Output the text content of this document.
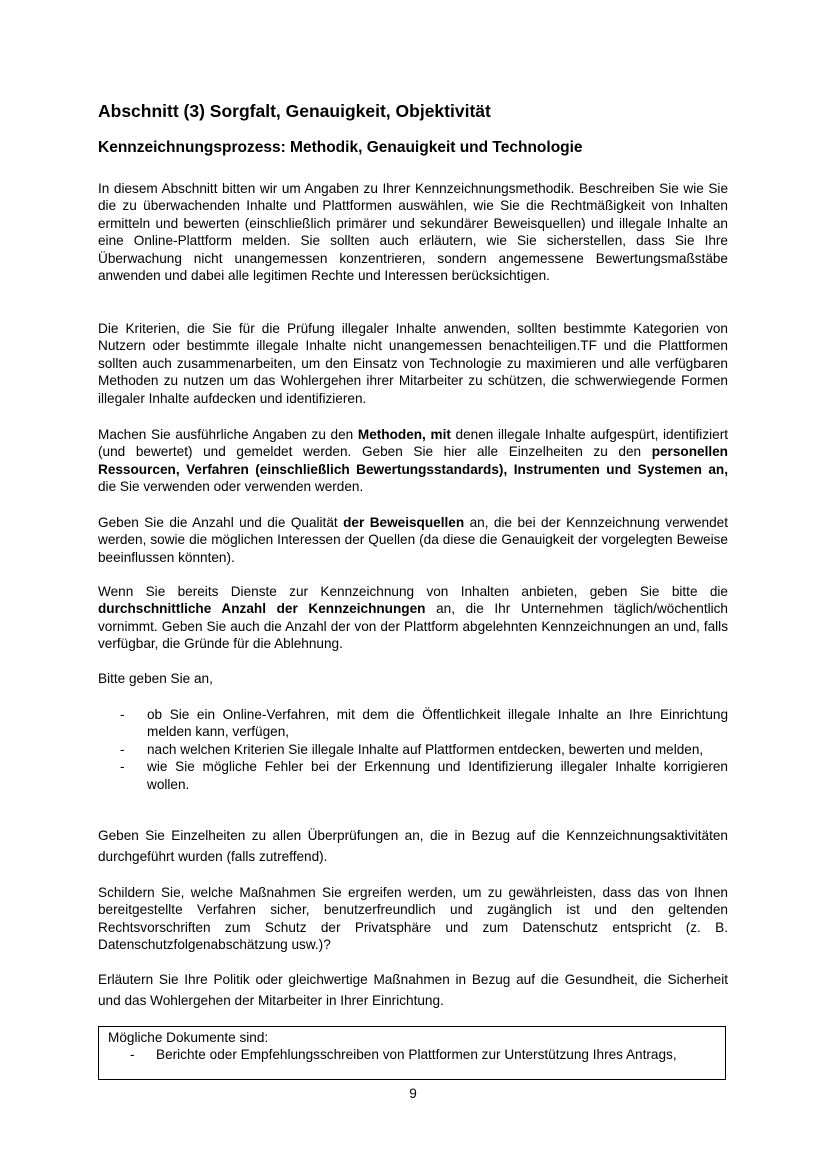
Abschnitt (3) Sorgfalt, Genauigkeit, Objektivität
Kennzeichnungsprozess: Methodik, Genauigkeit und Technologie

In diesem Abschnitt bitten wir um Angaben zu Ihrer Kennzeichnungsmethodik. Beschreiben Sie wie Sie die zu überwachenden Inhalte und Plattformen auswählen, wie Sie die Rechtmäßigkeit von Inhalten ermitteln und bewerten (einschließlich primärer und sekundärer Beweisquellen) und illegale Inhalte an eine Online-Plattform melden. Sie sollten auch erläutern, wie Sie sicherstellen, dass Sie Ihre Überwachung nicht unangemessen konzentrieren, sondern angemessene Bewertungsmaßstäbe anwenden und dabei alle legitimen Rechte und Interessen berücksichtigen.

Die Kriterien, die Sie für die Prüfung illegaler Inhalte anwenden, sollten bestimmte Kategorien von Nutzern oder bestimmte illegale Inhalte nicht unangemessen benachteiligen.TF und die Plattformen sollten auch zusammenarbeiten, um den Einsatz von Technologie zu maximieren und alle verfügbaren Methoden zu nutzen um das Wohlergehen ihrer Mitarbeiter zu schützen, die schwerwiegende Formen illegaler Inhalte aufdecken und identifizieren.

Machen Sie ausführliche Angaben zu den Methoden, mit denen illegale Inhalte aufgespürt, identifiziert (und bewertet) und gemeldet werden. Geben Sie hier alle Einzelheiten zu den personellen Ressourcen, Verfahren (einschließlich Bewertungsstandards), Instrumenten und Systemen an, die Sie verwenden oder verwenden werden.

Geben Sie die Anzahl und die Qualität der Beweisquellen an, die bei der Kennzeichnung verwendet werden, sowie die möglichen Interessen der Quellen (da diese die Genauigkeit der vorgelegten Beweise beeinflussen könnten).

Wenn Sie bereits Dienste zur Kennzeichnung von Inhalten anbieten, geben Sie bitte die durchschnittliche Anzahl der Kennzeichnungen an, die Ihr Unternehmen täglich/wöchentlich vornimmt. Geben Sie auch die Anzahl der von der Plattform abgelehnten Kennzeichnungen an und, falls verfügbar, die Gründe für die Ablehnung.

Bitte geben Sie an,

- ob Sie ein Online-Verfahren, mit dem die Öffentlichkeit illegale Inhalte an Ihre Einrichtung melden kann, verfügen,
- nach welchen Kriterien Sie illegale Inhalte auf Plattformen entdecken, bewerten und melden,
- wie Sie mögliche Fehler bei der Erkennung und Identifizierung illegaler Inhalte korrigieren wollen.

Geben Sie Einzelheiten zu allen Überprüfungen an, die in Bezug auf die Kennzeichnungsaktivitäten durchgeführt wurden (falls zutreffend).

Schildern Sie, welche Maßnahmen Sie ergreifen werden, um zu gewährleisten, dass das von Ihnen bereitgestellte Verfahren sicher, benutzerfreundlich und zugänglich ist und den geltenden Rechtsvorschriften zum Schutz der Privatsphäre und zum Datenschutz entspricht (z. B. Datenschutzfolgenabschätzung usw.)?

Erläutern Sie Ihre Politik oder gleichwertige Maßnahmen in Bezug auf die Gesundheit, die Sicherheit und das Wohlergehen der Mitarbeiter in Ihrer Einrichtung.

Mögliche Dokumente sind:
- Berichte oder Empfehlungsschreiben von Plattformen zur Unterstützung Ihres Antrags,
9
